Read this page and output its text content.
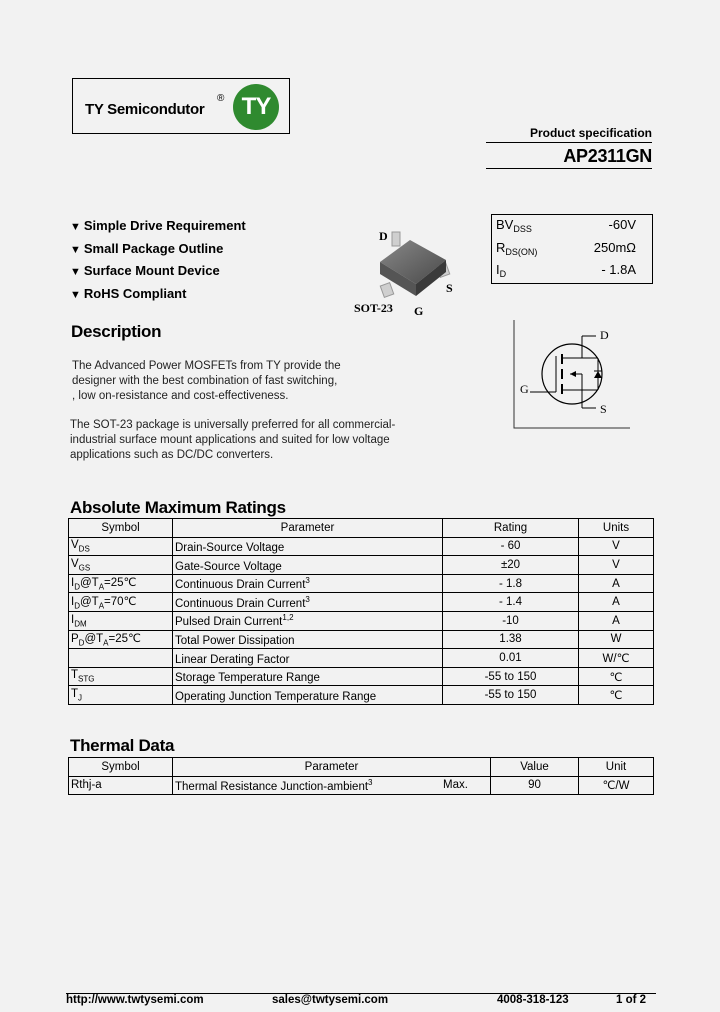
TY Semicondutor
® TY
Product specification
AP2311GN
▼ Simple Drive Requirement
▼ Small Package Outline
▼ Surface Mount Device
▼ RoHS Compliant
D
S
G
SOT-23
$BV_{DSS}$	-60V
$R_{DS(ON)}$	250mΩ
$I_D$	- 1.8A
Description
The Advanced Power MOSFETs from TY provide the
designer with the best combination of fast switching,
, low on-resistance and cost-effectiveness.
The SOT-23 package is universally preferred for all commercial-
industrial surface mount applications and suited for low voltage
applications such as DC/DC converters.
D
G
S
Absolute Maximum Ratings
Symbol	Parameter	Rating	Units
$V_{DS}$	Drain-Source Voltage	- 60	V
$V_{GS}$	Gate-Source Voltage	±20	V
$I_D@T_A=25℃$	Continuous Drain Current$^3$	- 1.8	A
$I_D@T_A=70℃$	Continuous Drain Current$^3$	- 1.4	A
$I_{DM}$	Pulsed Drain Current$^{1,2}$	-10	A
$P_D@T_A=25℃$	Total Power Dissipation	1.38	W
	Linear Derating Factor	0.01	W/℃
$T_{STG}$	Storage Temperature Range	-55 to 150	℃
$T_J$	Operating Junction Temperature Range	-55 to 150	℃
Thermal Data
Symbol	Parameter	Value	Unit
Rthj-a	Thermal Resistance Junction-ambient$^3$ Max.	90	℃/W
http://www.twtysemi.com	sales@twtysemi.com	4008-318-123	1 of 2
